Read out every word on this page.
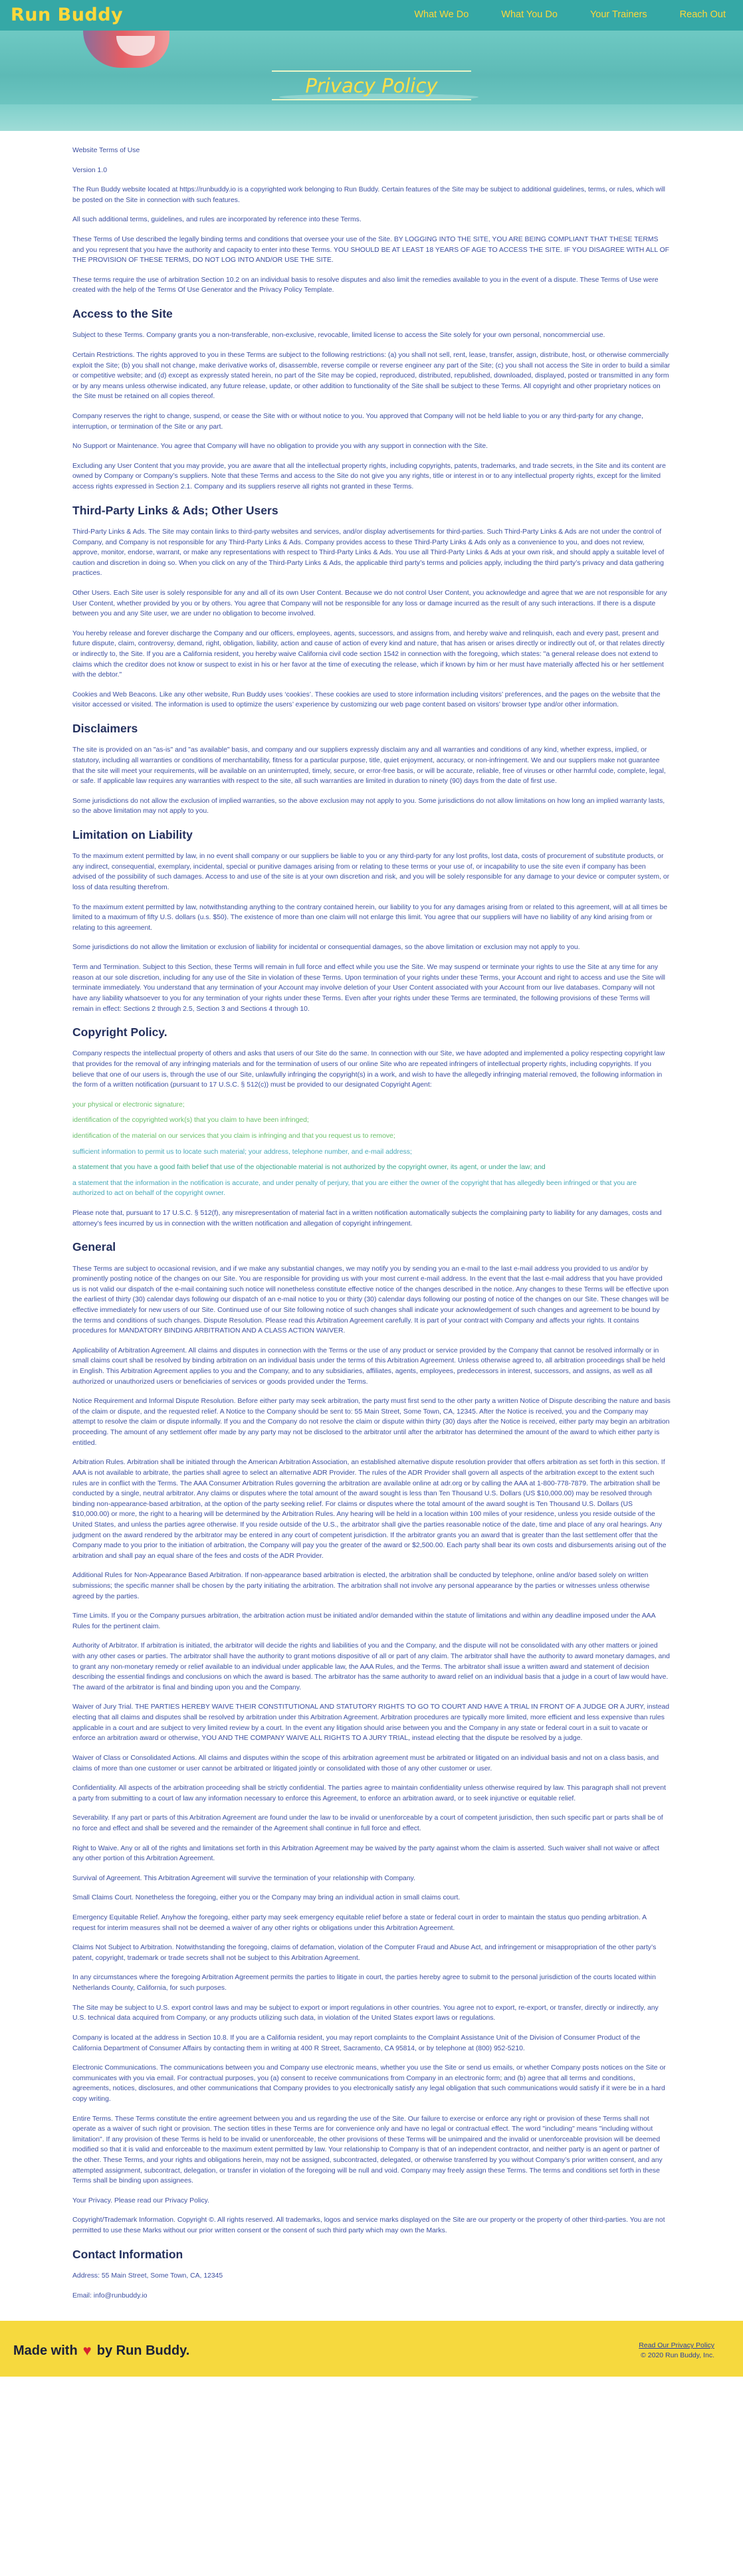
Run Buddy	What We Do	What You Do	Your Trainers	Reach Out
Privacy Policy

Website Terms of Use

Version 1.0

The Run Buddy website located at https://runbuddy.io is a copyrighted work belonging to Run Buddy. Certain features of the Site may be subject to additional guidelines, terms, or rules, which will be posted on the Site in connection with such features.

All such additional terms, guidelines, and rules are incorporated by reference into these Terms.

These Terms of Use described the legally binding terms and conditions that oversee your use of the Site. BY LOGGING INTO THE SITE, YOU ARE BEING COMPLIANT THAT THESE TERMS and you represent that you have the authority and capacity to enter into these Terms. YOU SHOULD BE AT LEAST 18 YEARS OF AGE TO ACCESS THE SITE. IF YOU DISAGREE WITH ALL OF THE PROVISION OF THESE TERMS, DO NOT LOG INTO AND/OR USE THE SITE.

These terms require the use of arbitration Section 10.2 on an individual basis to resolve disputes and also limit the remedies available to you in the event of a dispute. These Terms of Use were created with the help of the Terms Of Use Generator and the Privacy Policy Template.

Access to the Site

Subject to these Terms. Company grants you a non-transferable, non-exclusive, revocable, limited license to access the Site solely for your own personal, noncommercial use.

Certain Restrictions. The rights approved to you in these Terms are subject to the following restrictions: (a) you shall not sell, rent, lease, transfer, assign, distribute, host, or otherwise commercially exploit the Site; (b) you shall not change, make derivative works of, disassemble, reverse compile or reverse engineer any part of the Site; (c) you shall not access the Site in order to build a similar or competitive website; and (d) except as expressly stated herein, no part of the Site may be copied, reproduced, distributed, republished, downloaded, displayed, posted or transmitted in any form or by any means unless otherwise indicated, any future release, update, or other addition to functionality of the Site shall be subject to these Terms. All copyright and other proprietary notices on the Site must be retained on all copies thereof.

Company reserves the right to change, suspend, or cease the Site with or without notice to you. You approved that Company will not be held liable to you or any third-party for any change, interruption, or termination of the Site or any part.

No Support or Maintenance. You agree that Company will have no obligation to provide you with any support in connection with the Site.

Excluding any User Content that you may provide, you are aware that all the intellectual property rights, including copyrights, patents, trademarks, and trade secrets, in the Site and its content are owned by Company or Company’s suppliers. Note that these Terms and access to the Site do not give you any rights, title or interest in or to any intellectual property rights, except for the limited access rights expressed in Section 2.1. Company and its suppliers reserve all rights not granted in these Terms.

Third-Party Links & Ads; Other Users

Third-Party Links & Ads. The Site may contain links to third-party websites and services, and/or display advertisements for third-parties. Such Third-Party Links & Ads are not under the control of Company, and Company is not responsible for any Third-Party Links & Ads. Company provides access to these Third-Party Links & Ads only as a convenience to you, and does not review, approve, monitor, endorse, warrant, or make any representations with respect to Third-Party Links & Ads. You use all Third-Party Links & Ads at your own risk, and should apply a suitable level of caution and discretion in doing so. When you click on any of the Third-Party Links & Ads, the applicable third party’s terms and policies apply, including the third party’s privacy and data gathering practices.

Other Users. Each Site user is solely responsible for any and all of its own User Content. Because we do not control User Content, you acknowledge and agree that we are not responsible for any User Content, whether provided by you or by others. You agree that Company will not be responsible for any loss or damage incurred as the result of any such interactions. If there is a dispute between you and any Site user, we are under no obligation to become involved.

You hereby release and forever discharge the Company and our officers, employees, agents, successors, and assigns from, and hereby waive and relinquish, each and every past, present and future dispute, claim, controversy, demand, right, obligation, liability, action and cause of action of every kind and nature, that has arisen or arises directly or indirectly out of, or that relates directly or indirectly to, the Site. If you are a California resident, you hereby waive California civil code section 1542 in connection with the foregoing, which states: "a general release does not extend to claims which the creditor does not know or suspect to exist in his or her favor at the time of executing the release, which if known by him or her must have materially affected his or her settlement with the debtor."

Cookies and Web Beacons. Like any other website, Run Buddy uses ‘cookies’. These cookies are used to store information including visitors’ preferences, and the pages on the website that the visitor accessed or visited. The information is used to optimize the users’ experience by customizing our web page content based on visitors’ browser type and/or other information.

Disclaimers

The site is provided on an "as-is" and "as available" basis, and company and our suppliers expressly disclaim any and all warranties and conditions of any kind, whether express, implied, or statutory, including all warranties or conditions of merchantability, fitness for a particular purpose, title, quiet enjoyment, accuracy, or non-infringement. We and our suppliers make not guarantee that the site will meet your requirements, will be available on an uninterrupted, timely, secure, or error-free basis, or will be accurate, reliable, free of viruses or other harmful code, complete, legal, or safe. If applicable law requires any warranties with respect to the site, all such warranties are limited in duration to ninety (90) days from the date of first use.

Some jurisdictions do not allow the exclusion of implied warranties, so the above exclusion may not apply to you. Some jurisdictions do not allow limitations on how long an implied warranty lasts, so the above limitation may not apply to you.

Limitation on Liability

To the maximum extent permitted by law, in no event shall company or our suppliers be liable to you or any third-party for any lost profits, lost data, costs of procurement of substitute products, or any indirect, consequential, exemplary, incidental, special or punitive damages arising from or relating to these terms or your use of, or incapability to use the site even if company has been advised of the possibility of such damages. Access to and use of the site is at your own discretion and risk, and you will be solely responsible for any damage to your device or computer system, or loss of data resulting therefrom.

To the maximum extent permitted by law, notwithstanding anything to the contrary contained herein, our liability to you for any damages arising from or related to this agreement, will at all times be limited to a maximum of fifty U.S. dollars (u.s. $50). The existence of more than one claim will not enlarge this limit. You agree that our suppliers will have no liability of any kind arising from or relating to this agreement.

Some jurisdictions do not allow the limitation or exclusion of liability for incidental or consequential damages, so the above limitation or exclusion may not apply to you.

Term and Termination. Subject to this Section, these Terms will remain in full force and effect while you use the Site. We may suspend or terminate your rights to use the Site at any time for any reason at our sole discretion, including for any use of the Site in violation of these Terms. Upon termination of your rights under these Terms, your Account and right to access and use the Site will terminate immediately. You understand that any termination of your Account may involve deletion of your User Content associated with your Account from our live databases. Company will not have any liability whatsoever to you for any termination of your rights under these Terms. Even after your rights under these Terms are terminated, the following provisions of these Terms will remain in effect: Sections 2 through 2.5, Section 3 and Sections 4 through 10.

Copyright Policy.

Company respects the intellectual property of others and asks that users of our Site do the same. In connection with our Site, we have adopted and implemented a policy respecting copyright law that provides for the removal of any infringing materials and for the termination of users of our online Site who are repeated infringers of intellectual property rights, including copyrights. If you believe that one of our users is, through the use of our Site, unlawfully infringing the copyright(s) in a work, and wish to have the allegedly infringing material removed, the following information in the form of a written notification (pursuant to 17 U.S.C. § 512(c)) must be provided to our designated Copyright Agent:

your physical or electronic signature;
identification of the copyrighted work(s) that you claim to have been infringed;
identification of the material on our services that you claim is infringing and that you request us to remove;
sufficient information to permit us to locate such material; your address, telephone number, and e-mail address;
a statement that you have a good faith belief that use of the objectionable material is not authorized by the copyright owner, its agent, or under the law; and
a statement that the information in the notification is accurate, and under penalty of perjury, that you are either the owner of the copyright that has allegedly been infringed or that you are authorized to act on behalf of the copyright owner.

Please note that, pursuant to 17 U.S.C. § 512(f), any misrepresentation of material fact in a written notification automatically subjects the complaining party to liability for any damages, costs and attorney’s fees incurred by us in connection with the written notification and allegation of copyright infringement.

General

These Terms are subject to occasional revision, and if we make any substantial changes, we may notify you by sending you an e-mail to the last e-mail address you provided to us and/or by prominently posting notice of the changes on our Site. You are responsible for providing us with your most current e-mail address. In the event that the last e-mail address that you have provided us is not valid our dispatch of the e-mail containing such notice will nonetheless constitute effective notice of the changes described in the notice. Any changes to these Terms will be effective upon the earliest of thirty (30) calendar days following our dispatch of an e-mail notice to you or thirty (30) calendar days following our posting of notice of the changes on our Site. These changes will be effective immediately for new users of our Site. Continued use of our Site following notice of such changes shall indicate your acknowledgement of such changes and agreement to be bound by the terms and conditions of such changes. Dispute Resolution. Please read this Arbitration Agreement carefully. It is part of your contract with Company and affects your rights. It contains procedures for MANDATORY BINDING ARBITRATION AND A CLASS ACTION WAIVER.

Applicability of Arbitration Agreement. All claims and disputes in connection with the Terms or the use of any product or service provided by the Company that cannot be resolved informally or in small claims court shall be resolved by binding arbitration on an individual basis under the terms of this Arbitration Agreement. Unless otherwise agreed to, all arbitration proceedings shall be held in English. This Arbitration Agreement applies to you and the Company, and to any subsidiaries, affiliates, agents, employees, predecessors in interest, successors, and assigns, as well as all authorized or unauthorized users or beneficiaries of services or goods provided under the Terms.

Notice Requirement and Informal Dispute Resolution. Before either party may seek arbitration, the party must first send to the other party a written Notice of Dispute describing the nature and basis of the claim or dispute, and the requested relief. A Notice to the Company should be sent to: 55 Main Street, Some Town, CA, 12345. After the Notice is received, you and the Company may attempt to resolve the claim or dispute informally. If you and the Company do not resolve the claim or dispute within thirty (30) days after the Notice is received, either party may begin an arbitration proceeding. The amount of any settlement offer made by any party may not be disclosed to the arbitrator until after the arbitrator has determined the amount of the award to which either party is entitled.

Arbitration Rules. Arbitration shall be initiated through the American Arbitration Association, an established alternative dispute resolution provider that offers arbitration as set forth in this section. If AAA is not available to arbitrate, the parties shall agree to select an alternative ADR Provider. The rules of the ADR Provider shall govern all aspects of the arbitration except to the extent such rules are in conflict with the Terms. The AAA Consumer Arbitration Rules governing the arbitration are available online at adr.org or by calling the AAA at 1-800-778-7879. The arbitration shall be conducted by a single, neutral arbitrator. Any claims or disputes where the total amount of the award sought is less than Ten Thousand U.S. Dollars (US $10,000.00) may be resolved through binding non-appearance-based arbitration, at the option of the party seeking relief. For claims or disputes where the total amount of the award sought is Ten Thousand U.S. Dollars (US $10,000.00) or more, the right to a hearing will be determined by the Arbitration Rules. Any hearing will be held in a location within 100 miles of your residence, unless you reside outside of the United States, and unless the parties agree otherwise. If you reside outside of the U.S., the arbitrator shall give the parties reasonable notice of the date, time and place of any oral hearings. Any judgment on the award rendered by the arbitrator may be entered in any court of competent jurisdiction. If the arbitrator grants you an award that is greater than the last settlement offer that the Company made to you prior to the initiation of arbitration, the Company will pay you the greater of the award or $2,500.00. Each party shall bear its own costs and disbursements arising out of the arbitration and shall pay an equal share of the fees and costs of the ADR Provider.

Additional Rules for Non-Appearance Based Arbitration. If non-appearance based arbitration is elected, the arbitration shall be conducted by telephone, online and/or based solely on written submissions; the specific manner shall be chosen by the party initiating the arbitration. The arbitration shall not involve any personal appearance by the parties or witnesses unless otherwise agreed by the parties.

Time Limits. If you or the Company pursues arbitration, the arbitration action must be initiated and/or demanded within the statute of limitations and within any deadline imposed under the AAA Rules for the pertinent claim.

Authority of Arbitrator. If arbitration is initiated, the arbitrator will decide the rights and liabilities of you and the Company, and the dispute will not be consolidated with any other matters or joined with any other cases or parties. The arbitrator shall have the authority to grant motions dispositive of all or part of any claim. The arbitrator shall have the authority to award monetary damages, and to grant any non-monetary remedy or relief available to an individual under applicable law, the AAA Rules, and the Terms. The arbitrator shall issue a written award and statement of decision describing the essential findings and conclusions on which the award is based. The arbitrator has the same authority to award relief on an individual basis that a judge in a court of law would have. The award of the arbitrator is final and binding upon you and the Company.

Waiver of Jury Trial. THE PARTIES HEREBY WAIVE THEIR CONSTITUTIONAL AND STATUTORY RIGHTS TO GO TO COURT AND HAVE A TRIAL IN FRONT OF A JUDGE OR A JURY, instead electing that all claims and disputes shall be resolved by arbitration under this Arbitration Agreement. Arbitration procedures are typically more limited, more efficient and less expensive than rules applicable in a court and are subject to very limited review by a court. In the event any litigation should arise between you and the Company in any state or federal court in a suit to vacate or enforce an arbitration award or otherwise, YOU AND THE COMPANY WAIVE ALL RIGHTS TO A JURY TRIAL, instead electing that the dispute be resolved by a judge.

Waiver of Class or Consolidated Actions. All claims and disputes within the scope of this arbitration agreement must be arbitrated or litigated on an individual basis and not on a class basis, and claims of more than one customer or user cannot be arbitrated or litigated jointly or consolidated with those of any other customer or user.

Confidentiality. All aspects of the arbitration proceeding shall be strictly confidential. The parties agree to maintain confidentiality unless otherwise required by law. This paragraph shall not prevent a party from submitting to a court of law any information necessary to enforce this Agreement, to enforce an arbitration award, or to seek injunctive or equitable relief.

Severability. If any part or parts of this Arbitration Agreement are found under the law to be invalid or unenforceable by a court of competent jurisdiction, then such specific part or parts shall be of no force and effect and shall be severed and the remainder of the Agreement shall continue in full force and effect.

Right to Waive. Any or all of the rights and limitations set forth in this Arbitration Agreement may be waived by the party against whom the claim is asserted. Such waiver shall not waive or affect any other portion of this Arbitration Agreement.

Survival of Agreement. This Arbitration Agreement will survive the termination of your relationship with Company.

Small Claims Court. Nonetheless the foregoing, either you or the Company may bring an individual action in small claims court.

Emergency Equitable Relief. Anyhow the foregoing, either party may seek emergency equitable relief before a state or federal court in order to maintain the status quo pending arbitration. A request for interim measures shall not be deemed a waiver of any other rights or obligations under this Arbitration Agreement.

Claims Not Subject to Arbitration. Notwithstanding the foregoing, claims of defamation, violation of the Computer Fraud and Abuse Act, and infringement or misappropriation of the other party’s patent, copyright, trademark or trade secrets shall not be subject to this Arbitration Agreement.

In any circumstances where the foregoing Arbitration Agreement permits the parties to litigate in court, the parties hereby agree to submit to the personal jurisdiction of the courts located within Netherlands County, California, for such purposes.

The Site may be subject to U.S. export control laws and may be subject to export or import regulations in other countries. You agree not to export, re-export, or transfer, directly or indirectly, any U.S. technical data acquired from Company, or any products utilizing such data, in violation of the United States export laws or regulations.

Company is located at the address in Section 10.8. If you are a California resident, you may report complaints to the Complaint Assistance Unit of the Division of Consumer Product of the California Department of Consumer Affairs by contacting them in writing at 400 R Street, Sacramento, CA 95814, or by telephone at (800) 952-5210.

Electronic Communications. The communications between you and Company use electronic means, whether you use the Site or send us emails, or whether Company posts notices on the Site or communicates with you via email. For contractual purposes, you (a) consent to receive communications from Company in an electronic form; and (b) agree that all terms and conditions, agreements, notices, disclosures, and other communications that Company provides to you electronically satisfy any legal obligation that such communications would satisfy if it were be in a hard copy writing.

Entire Terms. These Terms constitute the entire agreement between you and us regarding the use of the Site. Our failure to exercise or enforce any right or provision of these Terms shall not operate as a waiver of such right or provision. The section titles in these Terms are for convenience only and have no legal or contractual effect. The word "including" means "including without limitation". If any provision of these Terms is held to be invalid or unenforceable, the other provisions of these Terms will be unimpaired and the invalid or unenforceable provision will be deemed modified so that it is valid and enforceable to the maximum extent permitted by law. Your relationship to Company is that of an independent contractor, and neither party is an agent or partner of the other. These Terms, and your rights and obligations herein, may not be assigned, subcontracted, delegated, or otherwise transferred by you without Company’s prior written consent, and any attempted assignment, subcontract, delegation, or transfer in violation of the foregoing will be null and void. Company may freely assign these Terms. The terms and conditions set forth in these Terms shall be binding upon assignees.

Your Privacy. Please read our Privacy Policy.

Copyright/Trademark Information. Copyright ©. All rights reserved. All trademarks, logos and service marks displayed on the Site are our property or the property of other third-parties. You are not permitted to use these Marks without our prior written consent or the consent of such third party which may own the Marks.

Contact Information

Address: 55 Main Street, Some Town, CA, 12345

Email: info@runbuddy.io

Made with ♥ by Run Buddy.	Read Our Privacy Policy
© 2020 Run Buddy, Inc.
